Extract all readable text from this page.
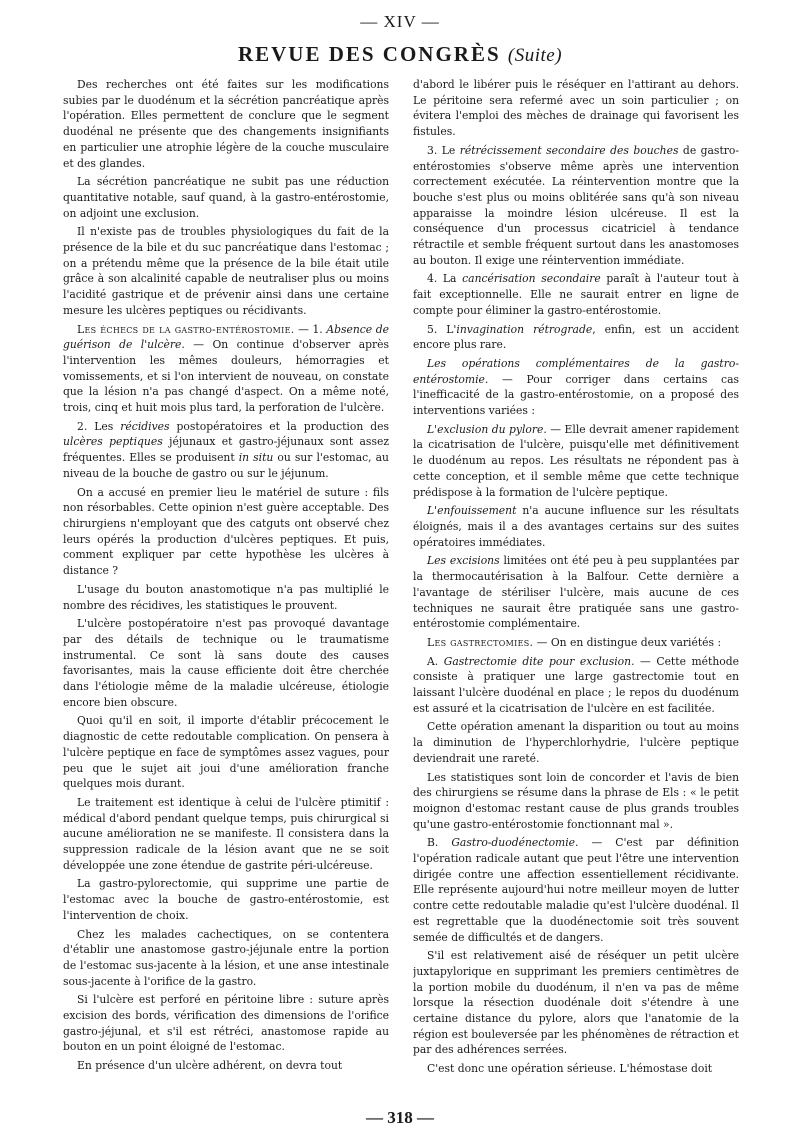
— XIV —
REVUE DES CONGRÈS (Suite)

Des recherches ont été faites sur les modifications subies par le duodénum et la sécrétion pancréatique après l'opération. Elles permettent de conclure que le segment duodénal ne présente que des changements insignifiants en particulier une atrophie légère de la couche musculaire et des glandes.

La sécrétion pancréatique ne subit pas une réduction quantitative notable, sauf quand, à la gastro-entérostomie, on adjoint une exclusion.

Il n'existe pas de troubles physiologiques du fait de la présence de la bile et du suc pancréatique dans l'estomac ; on a prétendu même que la présence de la bile était utile grâce à son alcalinité capable de neutraliser plus ou moins l'acidité gastrique et de prévenir ainsi dans une certaine mesure les ulcères peptiques ou récidivants.

Les échecs de la gastro-entérostomie. — 1. Absence de guérison de l'ulcère. — On continue d'observer après l'intervention les mêmes douleurs, hémorragies et vomissements, et si l'on intervient de nouveau, on constate que la lésion n'a pas changé d'aspect. On a même noté, trois, cinq et huit mois plus tard, la perforation de l'ulcère.

2. Les récidives postopératoires et la production des ulcères peptiques jéjunaux et gastro-jéjunaux sont assez fréquentes. Elles se produisent in situ ou sur l'estomac, au niveau de la bouche de gastro ou sur le jéjunum.

On a accusé en premier lieu le matériel de suture : fils non résorbables. Cette opinion n'est guère acceptable. Des chirurgiens n'employant que des catguts ont observé chez leurs opérés la production d'ulcères peptiques. Et puis, comment expliquer par cette hypothèse les ulcères à distance ?

L'usage du bouton anastomotique n'a pas multiplié le nombre des récidives, les statistiques le prouvent.

L'ulcère postopératoire n'est pas provoqué davantage par des détails de technique ou le traumatisme instrumental. Ce sont là sans doute des causes favorisantes, mais la cause efficiente doit être cherchée dans l'étiologie même de la maladie ulcéreuse, étiologie encore bien obscure.

Quoi qu'il en soit, il importe d'établir précocement le diagnostic de cette redoutable complication. On pensera à l'ulcère peptique en face de symptômes assez vagues, pour peu que le sujet ait joui d'une amélioration franche quelques mois durant.

Le traitement est identique à celui de l'ulcère ptimitif : médical d'abord pendant quelque temps, puis chirurgical si aucune amélioration ne se manifeste. Il consistera dans la suppression radicale de la lésion avant que ne se soit développée une zone étendue de gastrite péri-ulcéreuse.

La gastro-pylorectomie, qui supprime une partie de l'estomac avec la bouche de gastro-entérostomie, est l'intervention de choix.

Chez les malades cachectiques, on se contentera d'établir une anastomose gastro-jéjunale entre la portion de l'estomac sus-jacente à la lésion, et une anse intestinale sous-jacente à l'orifice de la gastro.

Si l'ulcère est perforé en péritoine libre : suture après excision des bords, vérification des dimensions de l'orifice gastro-jéjunal, et s'il est rétréci, anastomose rapide au bouton en un point éloigné de l'estomac.

En présence d'un ulcère adhérent, on devra tout

d'abord le libérer puis le réséquer en l'attirant au dehors. Le péritoine sera refermé avec un soin particulier ; on évitera l'emploi des mèches de drainage qui favorisent les fistules.

3. Le rétrécissement secondaire des bouches de gastro-entérostomies s'observe même après une intervention correctement exécutée. La réintervention montre que la bouche s'est plus ou moins oblitérée sans qu'à son niveau apparaisse la moindre lésion ulcéreuse. Il est la conséquence d'un processus cicatriciel à tendance rétractile et semble fréquent surtout dans les anastomoses au bouton. Il exige une réintervention immédiate.

4. La cancérisation secondaire paraît à l'auteur tout à fait exceptionnelle. Elle ne saurait entrer en ligne de compte pour éliminer la gastro-entérostomie.

5. L'invagination rétrograde, enfin, est un accident encore plus rare.

Les opérations complémentaires de la gastro-entérostomie. — Pour corriger dans certains cas l'inefficacité de la gastro-entérostomie, on a proposé des interventions variées :

L'exclusion du pylore. — Elle devrait amener rapidement la cicatrisation de l'ulcère, puisqu'elle met définitivement le duodénum au repos. Les résultats ne répondent pas à cette conception, et il semble même que cette technique prédispose à la formation de l'ulcère peptique.

L'enfouissement n'a aucune influence sur les résultats éloignés, mais il a des avantages certains sur des suites opératoires immédiates.

Les excisions limitées ont été peu à peu supplantées par la thermocautérisation à la Balfour. Cette dernière a l'avantage de stériliser l'ulcère, mais aucune de ces techniques ne saurait être pratiquée sans une gastro-entérostomie complémentaire.

Les gastrectomies. — On en distingue deux variétés :

A. Gastrectomie dite pour exclusion. — Cette méthode consiste à pratiquer une large gastrectomie tout en laissant l'ulcère duodénal en place ; le repos du duodénum est assuré et la cicatrisation de l'ulcère en est facilitée.

Cette opération amenant la disparition ou tout au moins la diminution de l'hyperchlorhydrie, l'ulcère peptique deviendrait une rareté.

Les statistiques sont loin de concorder et l'avis de bien des chirurgiens se résume dans la phrase de Els : « le petit moignon d'estomac restant cause de plus grands troubles qu'une gastro-entérostomie fonctionnant mal ».

B. Gastro-duodénectomie. — C'est par définition l'opération radicale autant que peut l'être une intervention dirigée contre une affection essentiellement récidivante. Elle représente aujourd'hui notre meilleur moyen de lutter contre cette redoutable maladie qu'est l'ulcère duodénal. Il est regrettable que la duodénectomie soit très souvent semée de difficultés et de dangers.

S'il est relativement aisé de réséquer un petit ulcère juxtapylorique en supprimant les premiers centimètres de la portion mobile du duodénum, il n'en va pas de même lorsque la résection duodénale doit s'étendre à une certaine distance du pylore, alors que l'anatomie de la région est bouleversée par les phénomènes de rétraction et par des adhérences serrées.

C'est donc une opération sérieuse. L'hémostase doit

— 318 —
